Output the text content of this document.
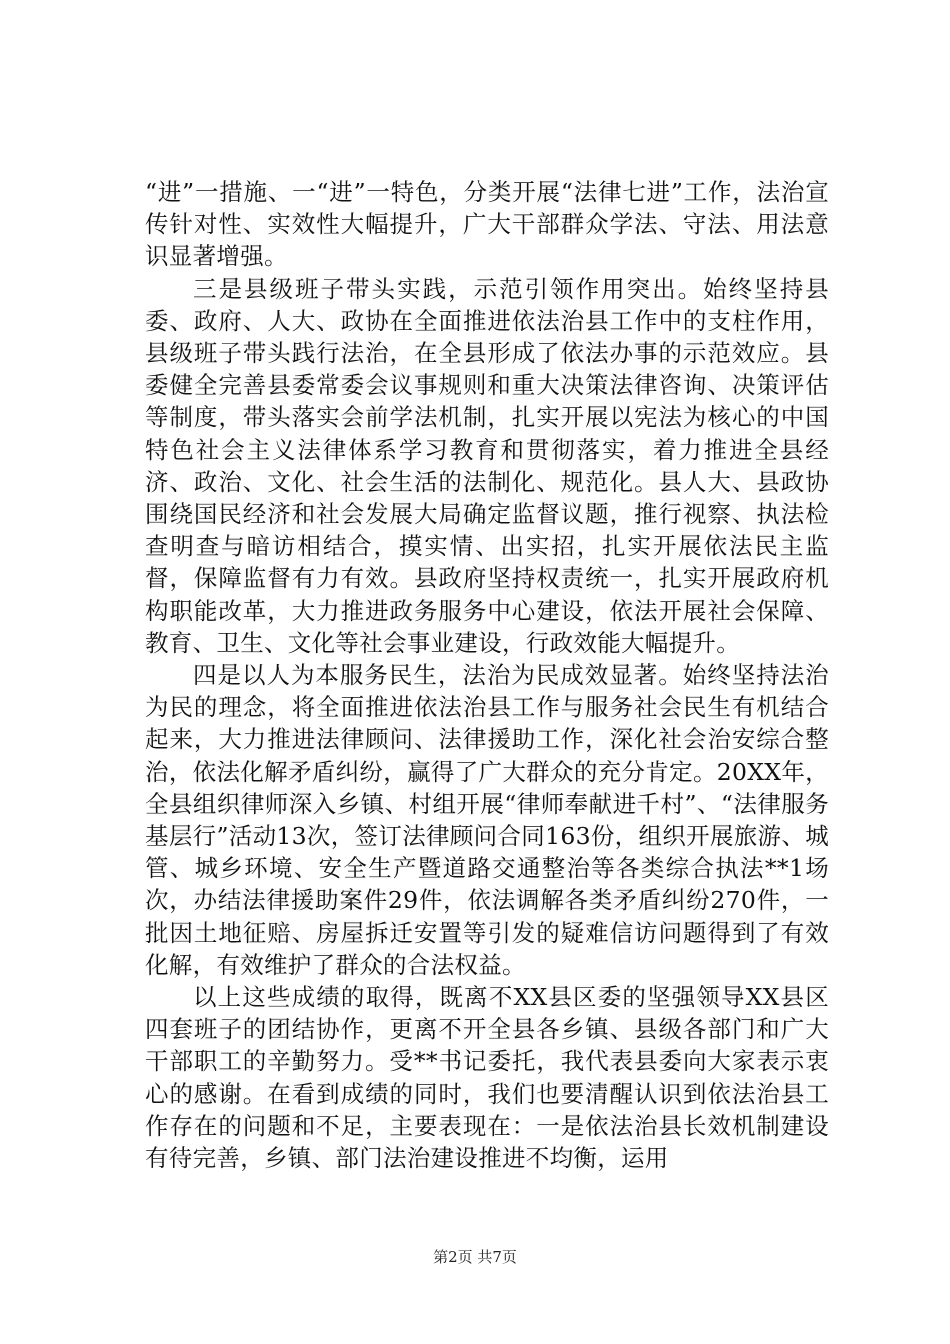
“进”一措施、一“进”一特色，分类开展“法律七进”工作，法治宣传针对性、实效性大幅提升，广大干部群众学法、守法、用法意识显著增强。

三是县级班子带头实践，示范引领作用突出。始终坚持县委、政府、人大、政协在全面推进依法治县工作中的支柱作用，县级班子带头践行法治，在全县形成了依法办事的示范效应。县委健全完善县委常委会议事规则和重大决策法律咨询、决策评估等制度，带头落实会前学法机制，扎实开展以宪法为核心的中国特色社会主义法律体系学习教育和贯彻落实，着力推进全县经济、政治、文化、社会生活的法制化、规范化。县人大、县政协围绕国民经济和社会发展大局确定监督议题，推行视察、执法检查明查与暗访相结合，摸实情、出实招，扎实开展依法民主监督，保障监督有力有效。县政府坚持权责统一，扎实开展政府机构职能改革，大力推进政务服务中心建设，依法开展社会保障、教育、卫生、文化等社会事业建设，行政效能大幅提升。

四是以人为本服务民生，法治为民成效显著。始终坚持法治为民的理念，将全面推进依法治县工作与服务社会民生有机结合起来，大力推进法律顾问、法律援助工作，深化社会治安综合整治，依法化解矛盾纠纷，赢得了广大群众的充分肯定。20XX年，全县组织律师深入乡镇、村组开展“律师奉献进千村”、“法律服务基层行”活动13次，签订法律顾问合同163份，组织开展旅游、城管、城乡环境、安全生产暨道路交通整治等各类综合执法**1场次，办结法律援助案件29件，依法调解各类矛盾纠纷270件，一批因土地征赔、房屋拆迁安置等引发的疑难信访问题得到了有效化解，有效维护了群众的合法权益。

以上这些成绩的取得，既离不XX县区委的坚强领导XX县区四套班子的团结协作，更离不开全县各乡镇、县级各部门和广大干部职工的辛勤努力。受**书记委托，我代表县委向大家表示衷心的感谢。在看到成绩的同时，我们也要清醒认识到依法治县工作存在的问题和不足，主要表现在：一是依法治县长效机制建设有待完善，乡镇、部门法治建设推进不均衡，运用

第2页 共7页
